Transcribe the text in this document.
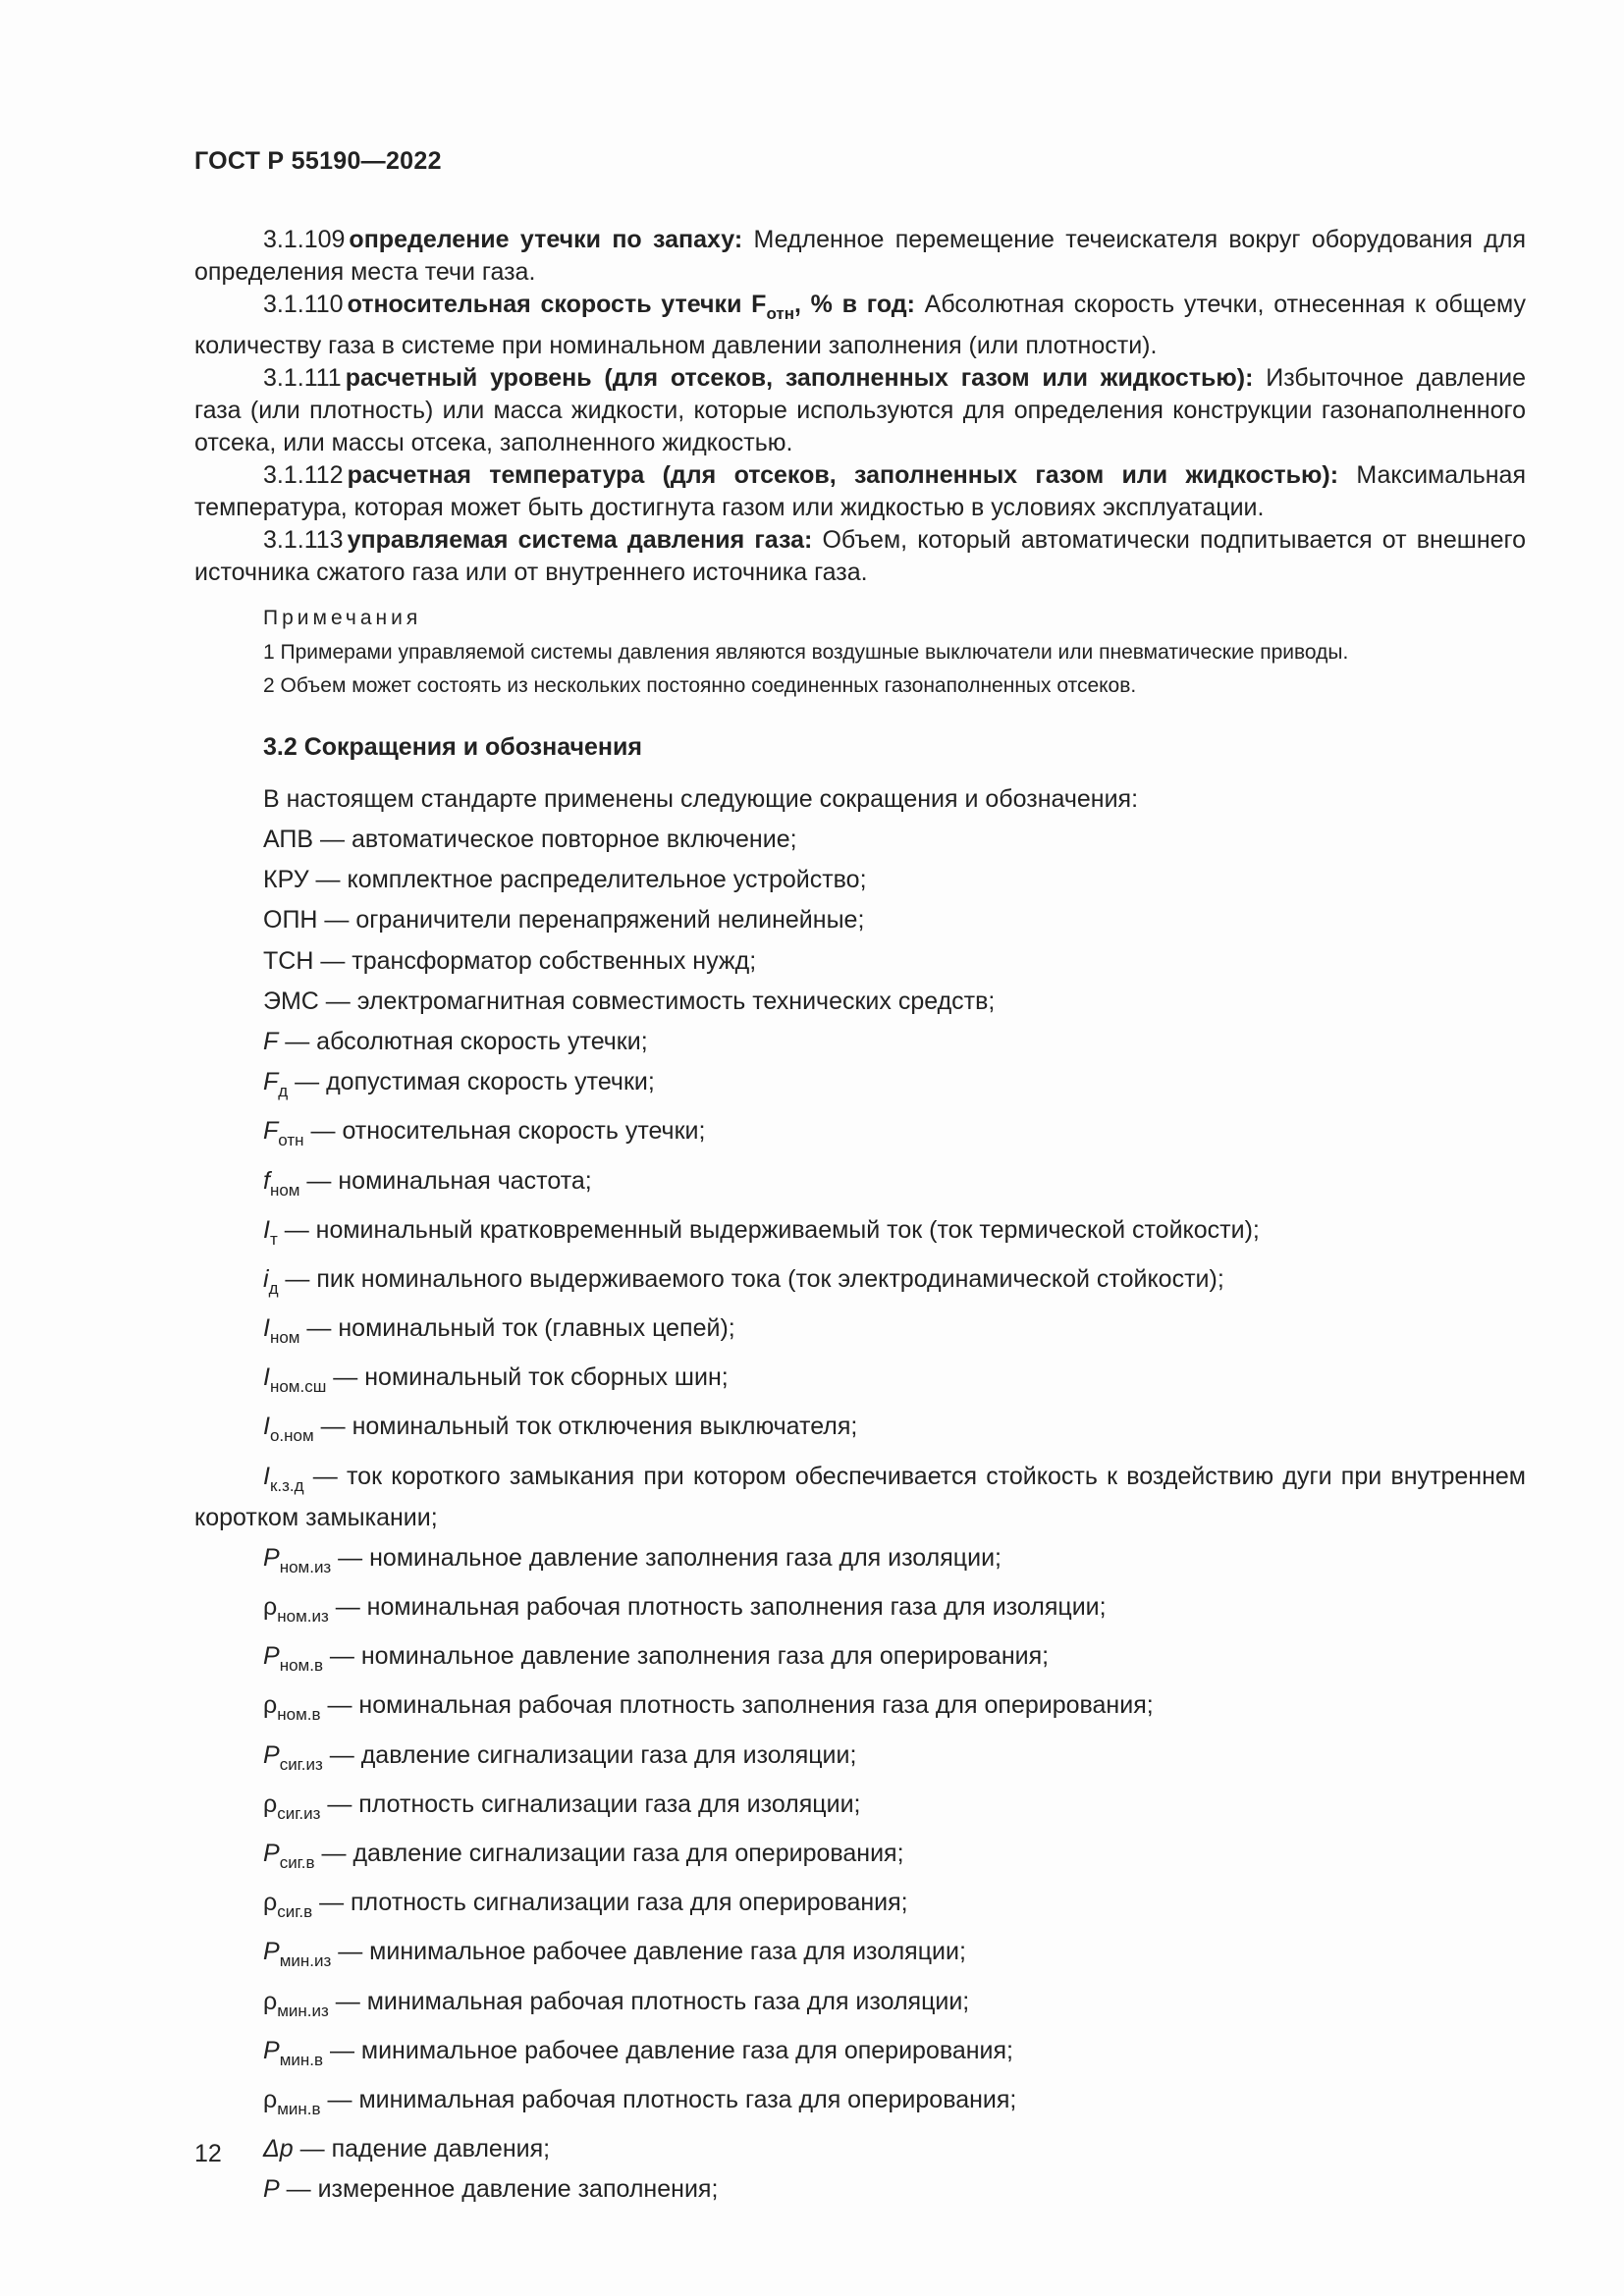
ГОСТ Р 55190—2022

3.1.109 определение утечки по запаху: Медленное перемещение течеискателя вокруг оборудования для определения места течи газа.

3.1.110 относительная скорость утечки $F_{отн}$, % в год: Абсолютная скорость утечки, отнесенная к общему количеству газа в системе при номинальном давлении заполнения (или плотности).

3.1.111 расчетный уровень (для отсеков, заполненных газом или жидкостью): Избыточное давление газа (или плотность) или масса жидкости, которые используются для определения конструкции газонаполненного отсека, или массы отсека, заполненного жидкостью.

3.1.112 расчетная температура (для отсеков, заполненных газом или жидкостью): Максимальная температура, которая может быть достигнута газом или жидкостью в условиях эксплуатации.

3.1.113 управляемая система давления газа: Объем, который автоматически подпитывается от внешнего источника сжатого газа или от внутреннего источника газа.

Примечания

1 Примерами управляемой системы давления являются воздушные выключатели или пневматические приводы.

2 Объем может состоять из нескольких постоянно соединенных газонаполненных отсеков.

3.2 Сокращения и обозначения
В настоящем стандарте применены следующие сокращения и обозначения:
АПВ — автоматическое повторное включение;
КРУ — комплектное распределительное устройство;
ОПН — ограничители перенапряжений нелинейные;
ТСН — трансформатор собственных нужд;
ЭМС — электромагнитная совместимость технических средств;
F — абсолютная скорость утечки;
$F_д$ — допустимая скорость утечки;
$F_{отн}$ — относительная скорость утечки;
$f_{ном}$ — номинальная частота;
$I_т$ — номинальный кратковременный выдерживаемый ток (ток термической стойкости);
$i_д$ — пик номинального выдерживаемого тока (ток электродинамической стойкости);
$I_{ном}$ — номинальный ток (главных цепей);
$I_{ном.сш}$ — номинальный ток сборных шин;
$I_{о.ном}$ — номинальный ток отключения выключателя;
$I_{к.з.д}$ — ток короткого замыкания при котором обеспечивается стойкость к воздействию дуги при внутреннем коротком замыкании;
$P_{ном.из}$ — номинальное давление заполнения газа для изоляции;
$\rho_{ном.из}$ — номинальная рабочая плотность заполнения газа для изоляции;
$P_{ном.в}$ — номинальное давление заполнения газа для оперирования;
$\rho_{ном.в}$ — номинальная рабочая плотность заполнения газа для оперирования;
$P_{сиг.из}$ — давление сигнализации газа для изоляции;
$\rho_{сиг.из}$ — плотность сигнализации газа для изоляции;
$P_{сиг.в}$ — давление сигнализации газа для оперирования;
$\rho_{сиг.в}$ — плотность сигнализации газа для оперирования;
$P_{мин.из}$ — минимальное рабочее давление газа для изоляции;
$\rho_{мин.из}$ — минимальная рабочая плотность газа для изоляции;
$P_{мин.в}$ — минимальное рабочее давление газа для оперирования;
$\rho_{мин.в}$ — минимальная рабочая плотность газа для оперирования;
Δp — падение давления;
P — измеренное давление заполнения;
12
